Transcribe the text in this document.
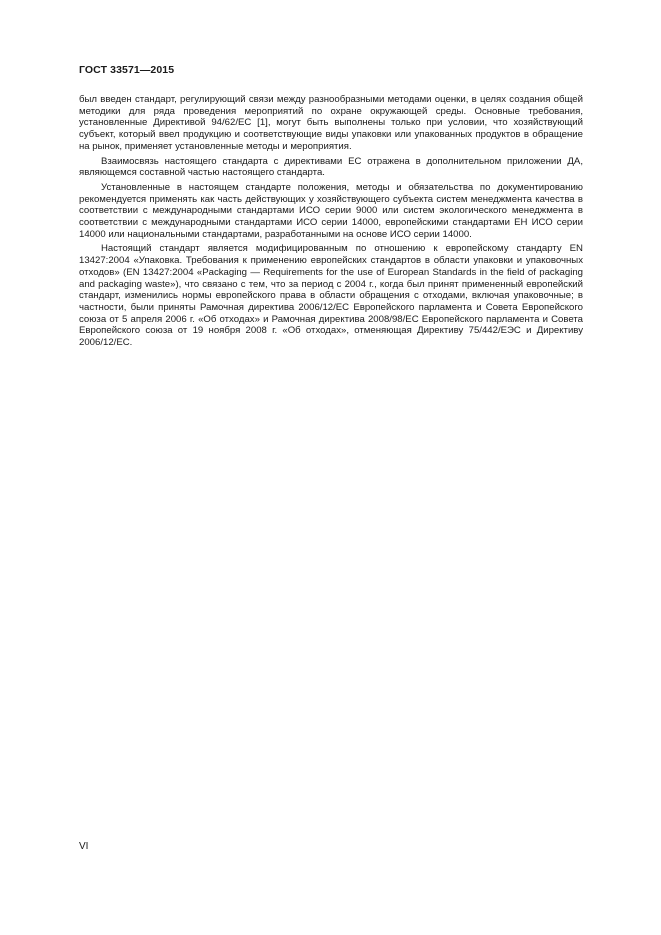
ГОСТ 33571—2015

был введен стандарт, регулирующий связи между разнообразными методами оценки, в целях создания общей методики для ряда проведения мероприятий по охране окружающей среды. Основные требования, установленные Директивой 94/62/ЕС [1], могут быть выполнены только при условии, что хозяйствующий субъект, который ввел продукцию и соответствующие виды упаковки или упакованных продуктов в обращение на рынок, применяет установленные методы и мероприятия.

Взаимосвязь настоящего стандарта с директивами ЕС отражена в дополнительном приложении ДА, являющемся составной частью настоящего стандарта.

Установленные в настоящем стандарте положения, методы и обязательства по документированию рекомендуется применять как часть действующих у хозяйствующего субъекта систем менеджмента качества в соответствии с международными стандартами ИСО серии 9000 или систем экологического менеджмента в соответствии с международными стандартами ИСО серии 14000, европейскими стандартами ЕН ИСО серии 14000 или национальными стандартами, разработанными на основе ИСО серии 14000.

Настоящий стандарт является модифицированным по отношению к европейскому стандарту EN 13427:2004 «Упаковка. Требования к применению европейских стандартов в области упаковки и упаковочных отходов» (EN 13427:2004 «Packaging — Requirements for the use of European Standards in the field of packaging and packaging waste»), что связано с тем, что за период с 2004 г., когда был принят примененный европейский стандарт, изменились нормы европейского права в области обращения с отходами, включая упаковочные; в частности, были приняты Рамочная директива 2006/12/ЕС Европейского парламента и Совета Европейского союза от 5 апреля 2006 г. «Об отходах» и Рамочная директива 2008/98/ЕС Европейского парламента и Совета Европейского союза от 19 ноября 2008 г. «Об отходах», отменяющая Директиву 75/442/ЕЭС и Директиву 2006/12/ЕС.

VI
